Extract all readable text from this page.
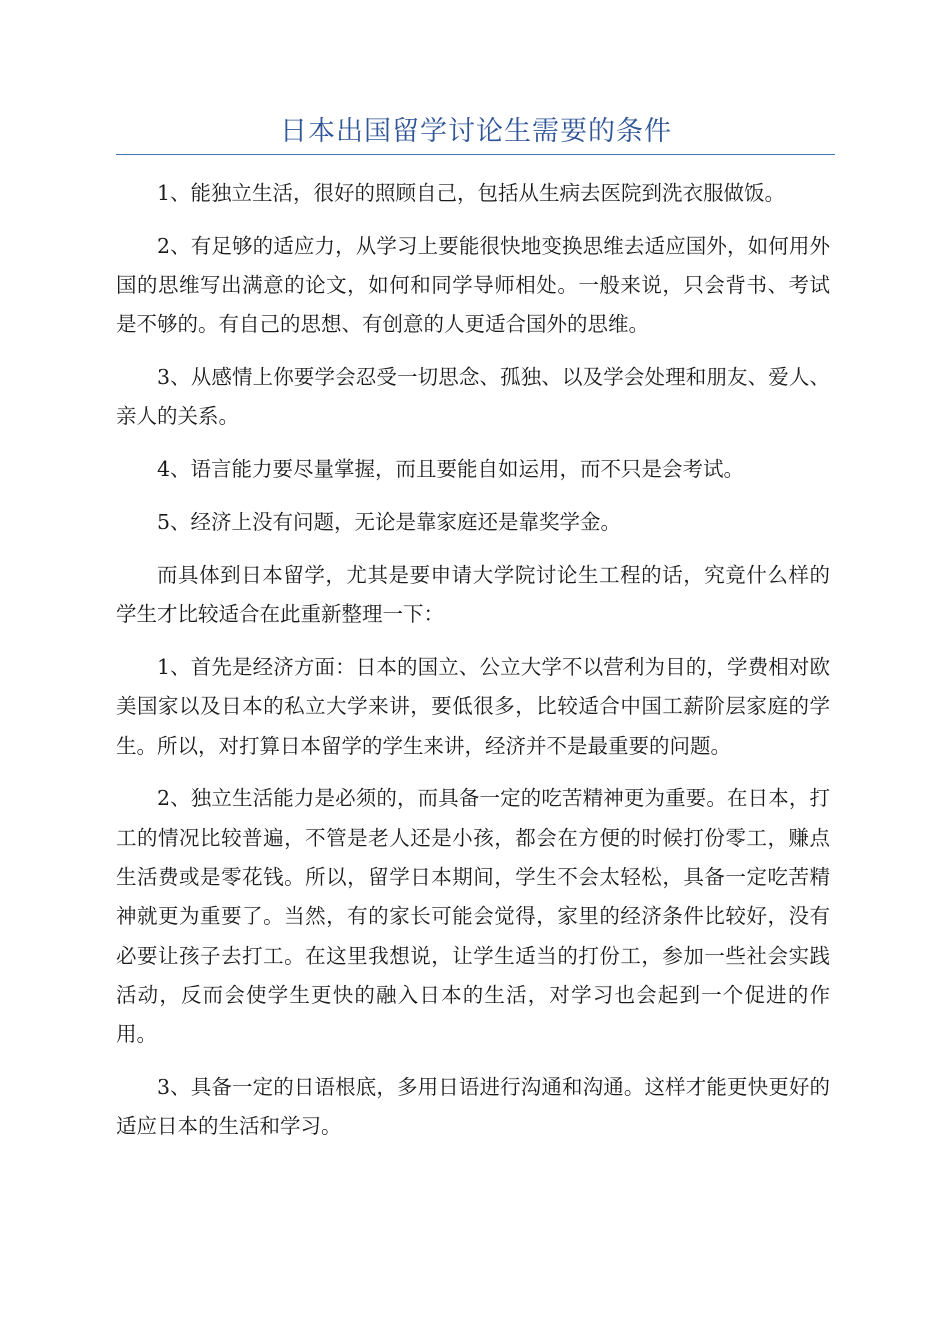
日本出国留学讨论生需要的条件

1、能独立生活，很好的照顾自己，包括从生病去医院到洗衣服做饭。

2、有足够的适应力，从学习上要能很快地变换思维去适应国外，如何用外国的思维写出满意的论文，如何和同学导师相处。一般来说，只会背书、考试是不够的。有自己的思想、有创意的人更适合国外的思维。

3、从感情上你要学会忍受一切思念、孤独、以及学会处理和朋友、爱人、亲人的关系。

4、语言能力要尽量掌握，而且要能自如运用，而不只是会考试。

5、经济上没有问题，无论是靠家庭还是靠奖学金。

而具体到日本留学，尤其是要申请大学院讨论生工程的话，究竟什么样的学生才比较适合在此重新整理一下：

1、首先是经济方面：日本的国立、公立大学不以营利为目的，学费相对欧美国家以及日本的私立大学来讲，要低很多，比较适合中国工薪阶层家庭的学生。所以，对打算日本留学的学生来讲，经济并不是最重要的问题。

2、独立生活能力是必须的，而具备一定的吃苦精神更为重要。在日本，打工的情况比较普遍，不管是老人还是小孩，都会在方便的时候打份零工，赚点生活费或是零花钱。所以，留学日本期间，学生不会太轻松，具备一定吃苦精神就更为重要了。当然，有的家长可能会觉得，家里的经济条件比较好，没有必要让孩子去打工。在这里我想说，让学生适当的打份工，参加一些社会实践活动，反而会使学生更快的融入日本的生活，对学习也会起到一个促进的作用。

3、具备一定的日语根底，多用日语进行沟通和沟通。这样才能更快更好的适应日本的生活和学习。
